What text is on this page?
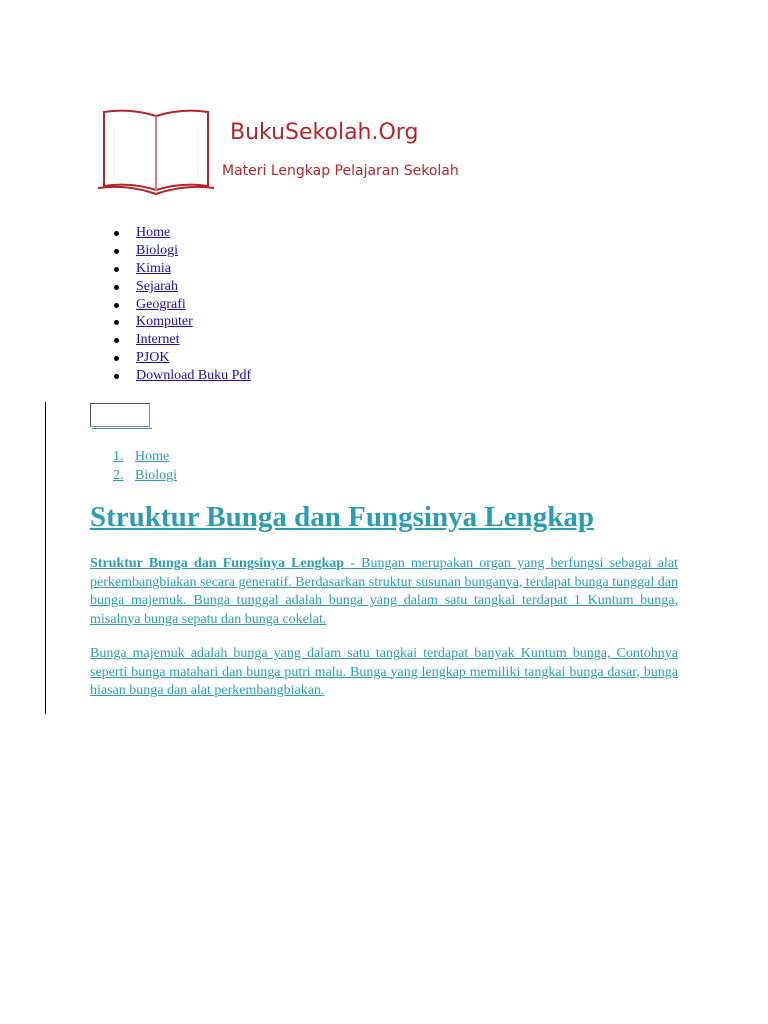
BukuSekolah.Org
Materi Lengkap Pelajaran Sekolah
Home
Biologi
Kimia
Sejarah
Geografi
Komputer
Internet
PJOK
Download Buku Pdf
1. Home
2. Biologi
Struktur Bunga dan Fungsinya Lengkap

Struktur Bunga dan Fungsinya Lengkap - Bungan merupakan organ yang berfungsi sebagai alat perkembangbiakan secara generatif. Berdasarkan struktur susunan bunganya, terdapat bunga tunggal dan bunga majemuk. Bunga tunggal adalah bunga yang dalam satu tangkai terdapat 1 Kuntum bunga, misalnya bunga sepatu dan bunga cokelat.

Bunga majemuk adalah bunga yang dalam satu tangkai terdapat banyak Kuntum bunga, Contohnya seperti bunga matahari dan bunga putri malu. Bunga yang lengkap memiliki tangkai bunga dasar, bunga hiasan bunga dan alat perkembangbiakan.
